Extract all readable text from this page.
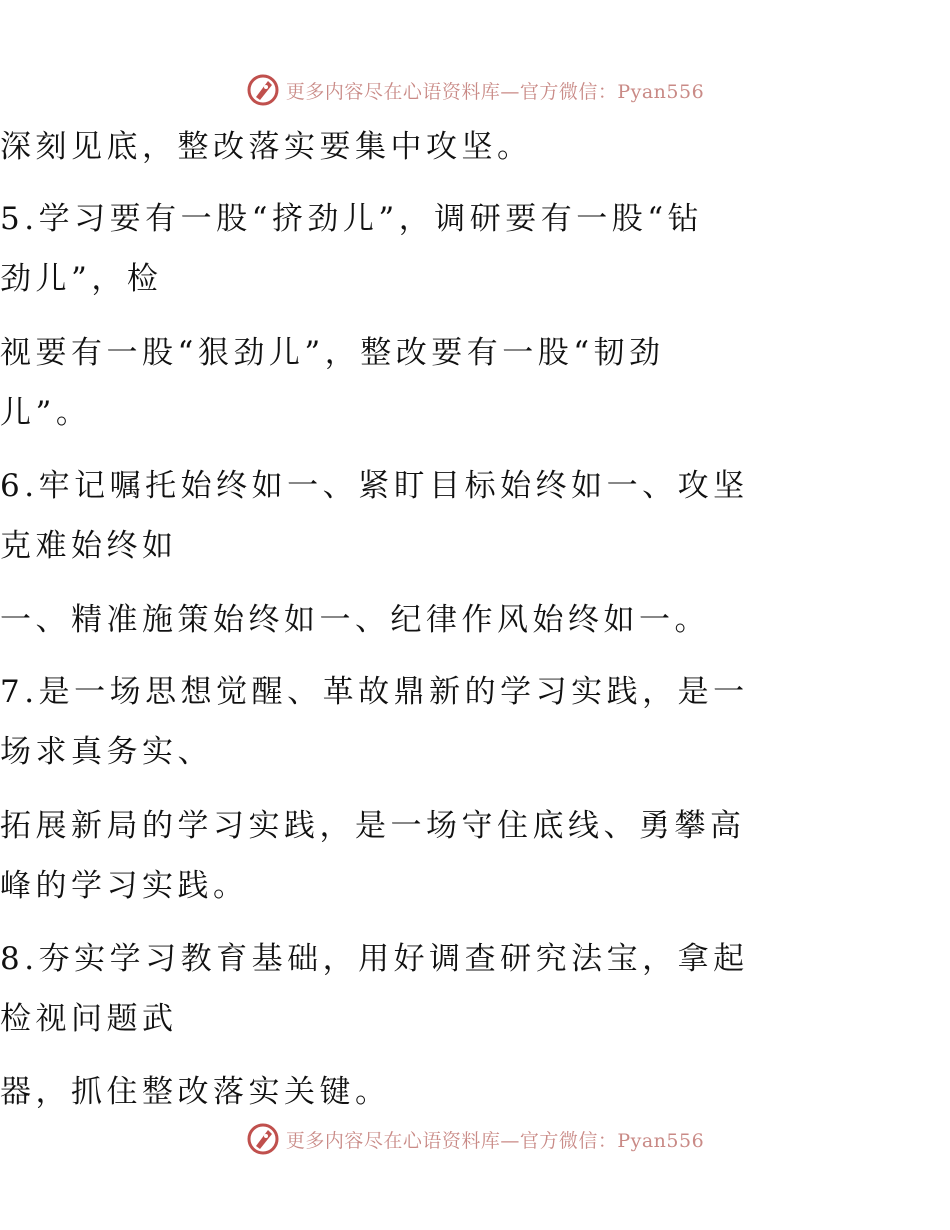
更多内容尽在心语资料库—官方微信：Pyan556
深刻见底，整改落实要集中攻坚。
5.学习要有一股“挤劲儿”，调研要有一股“钻
劲儿”，检
视要有一股“狠劲儿”，整改要有一股“韧劲
儿”。
6.牢记嘱托始终如一、紧盯目标始终如一、攻坚
克难始终如
一、精准施策始终如一、纪律作风始终如一。
7.是一场思想觉醒、革故鼎新的学习实践，是一
场求真务实、
拓展新局的学习实践，是一场守住底线、勇攀高
峰的学习实践。
8.夯实学习教育基础，用好调查研究法宝，拿起
检视问题武
器，抓住整改落实关键。
更多内容尽在心语资料库—官方微信：Pyan556
